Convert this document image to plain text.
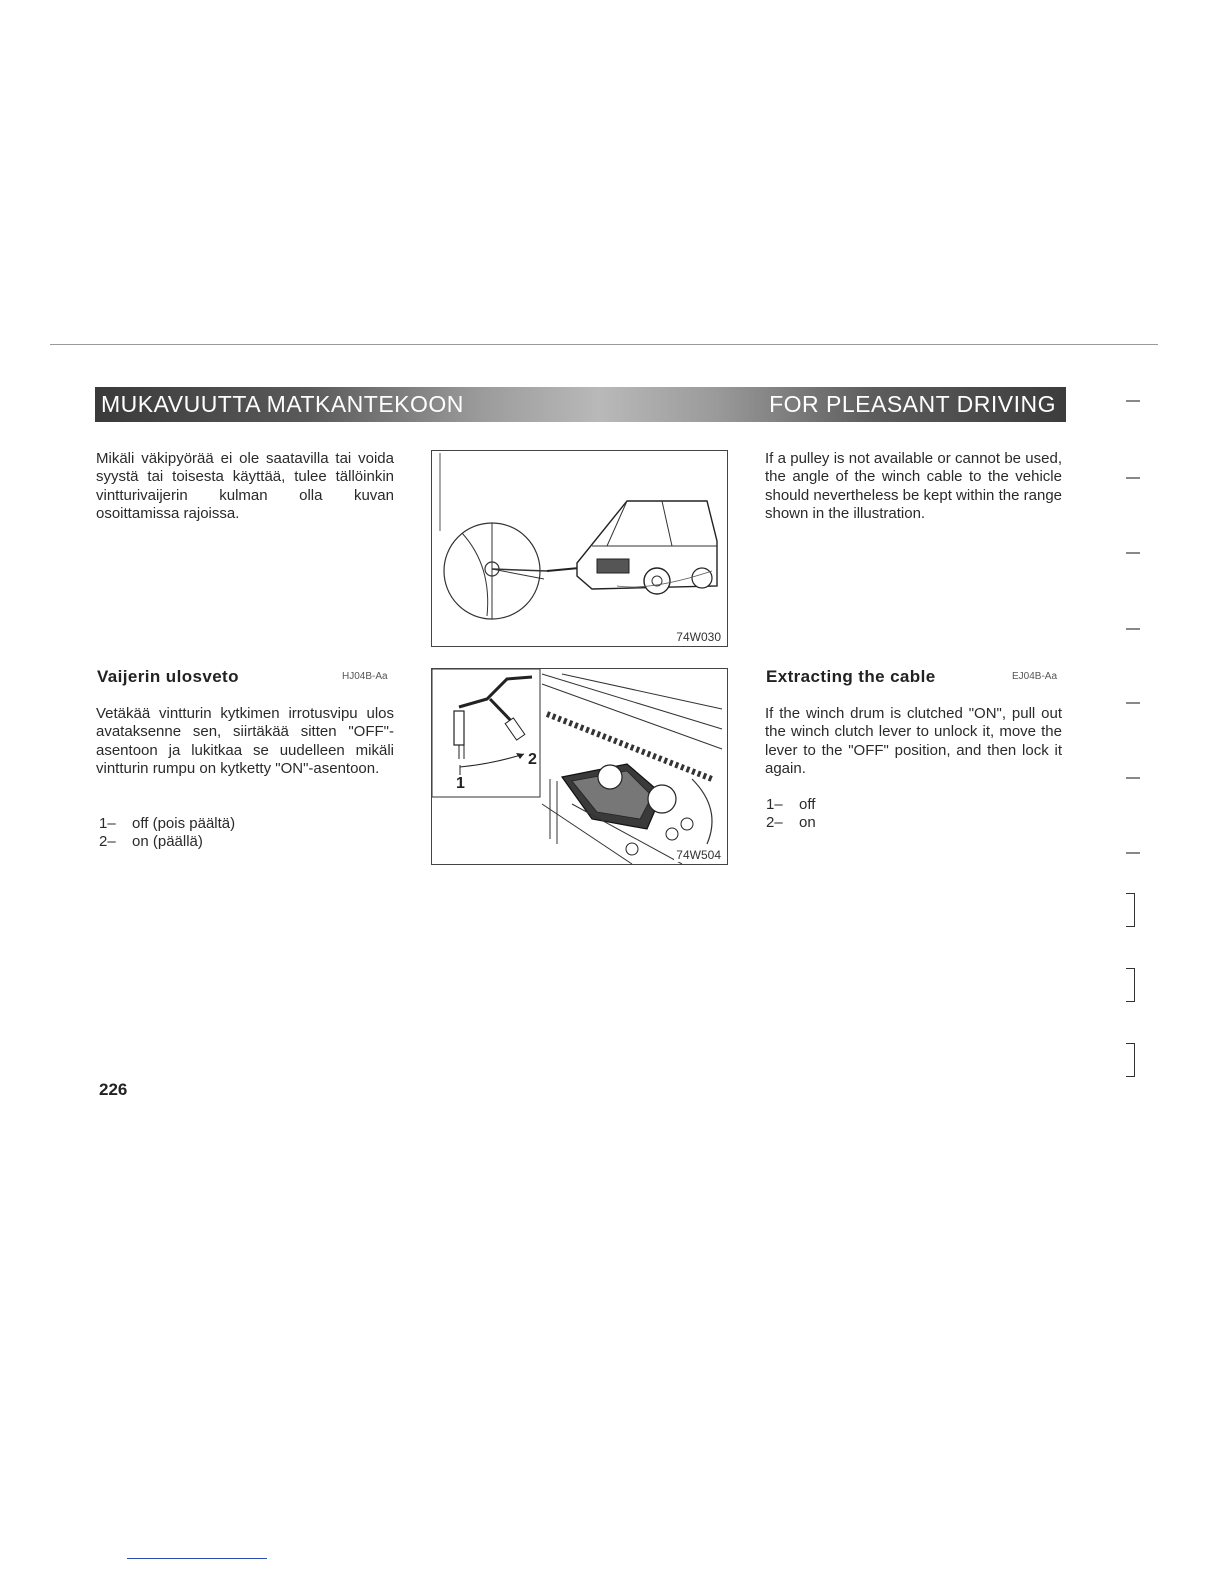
MUKAVUUTTA MATKANTEKOON	FOR PLEASANT DRIVING

Mikäli väkipyörää ei ole saatavilla tai voida syystä tai toisesta käyttää, tulee tällöinkin vintturivaijerin kulman olla kuvan osoittamissa rajoissa.

If a pulley is not available or cannot be used, the angle of the winch cable to the vehicle should nevertheless be kept within the range shown in the illustration.

74W030
Vaijerin ulosveto	HJ04B-Aa	Extracting the cable	EJ04B-Aa

Vetäkää vintturin kytkimen irrotusvipu ulos avataksenne sen, siirtäkää sitten "OFF"-asentoon ja lukitkaa se uudelleen mikäli vintturin rumpu on kytketty "ON"-asentoon.

If the winch drum is clutched "ON", pull out the winch clutch lever to unlock it, move the lever to the "OFF" position, and then lock it again.

1– off (pois päältä)
2– on (päällä)
1– off
2– on
2
1
74W504
226
